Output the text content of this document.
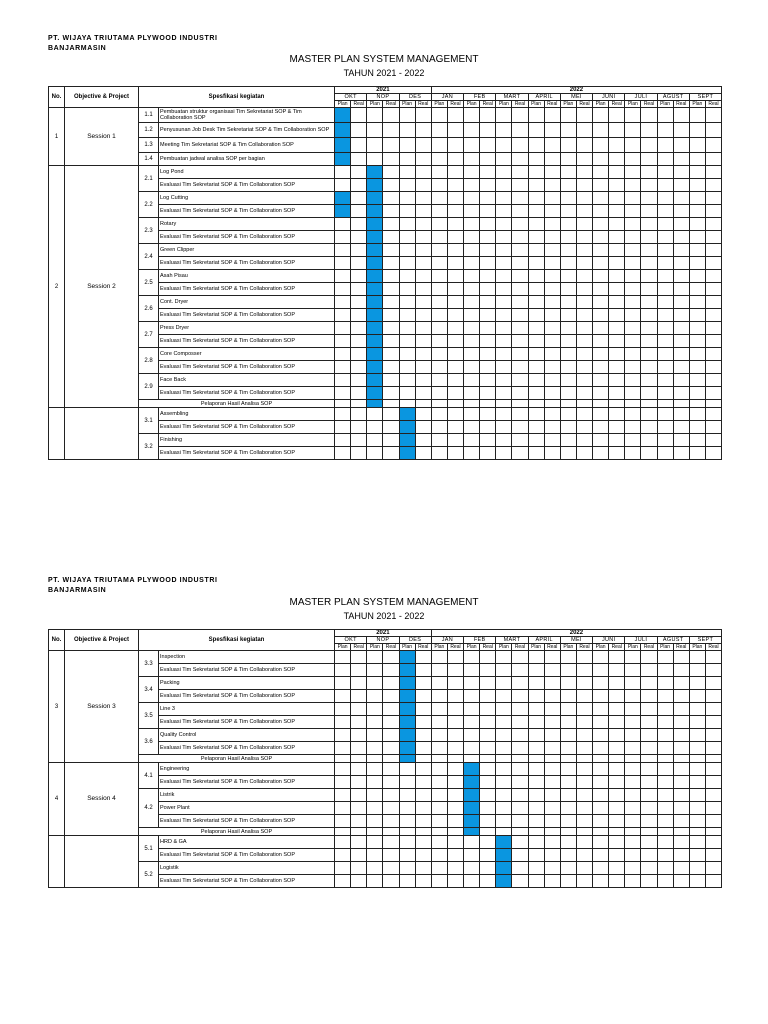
PT. WIJAYA TRIUTAMA PLYWOOD INDUSTRI
BANJARMASIN
MASTER PLAN SYSTEM MANAGEMENT
TAHUN 2021 - 2022
No.	Objective & Project	Spesfikasi kegiatan		2021						2022																	
				OKT		NOP		DES		JAN		FEB		MART		APRIL		MEI		JUNI		JULI		AGUST		SEPT	
				Plan	Real	Plan	Real	Plan	Real	Plan	Real	Plan	Real	Plan	Real	Plan	Real	Plan	Real	Plan	Real	Plan	Real	Plan	Real	Plan	Real
1	Session 1	1.1	Pembuatan struktur organisasi Tim Sekretariat SOP & Tim Collaboration SOP																								
		1.2	Penyusunan Job Desk Tim Sekretariat SOP & Tim Collaboration SOP																								
		1.3	Meeting Tim Sekretariat SOP & Tim Collaboration SOP																								
		1.4	Pembuatan jadwal analisa SOP per bagian																								
2	Session 2	2.1	Log Pond																								
			Evaluasi Tim Sekretariat SOP & Tim Collaboration SOP																								
		2.2	Log Cutting																								
			Evaluasi Tim Sekretariat SOP & Tim Collaboration SOP																								
		2.3	Rotary																								
			Evaluasi Tim Sekretariat SOP & Tim Collaboration SOP																								
		2.4	Green Clipper																								
			Evaluasi Tim Sekretariat SOP & Tim Collaboration SOP																								
		2.5	Asah Pisau																								
			Evaluasi Tim Sekretariat SOP & Tim Collaboration SOP																								
		2.6	Cont. Dryer																								
			Evaluasi Tim Sekretariat SOP & Tim Collaboration SOP																								
		2.7	Press Dryer																								
			Evaluasi Tim Sekretariat SOP & Tim Collaboration SOP																								
		2.8	Core Composser																								
			Evaluasi Tim Sekretariat SOP & Tim Collaboration SOP																								
		2.9	Face Back																								
			Evaluasi Tim Sekretariat SOP & Tim Collaboration SOP																								
		Pelaporan Hasil Analisa SOP																									
		3.1	Assembling																								
			Evaluasi Tim Sekretariat SOP & Tim Collaboration SOP																								
		3.2	Finishing																								
			Evaluasi Tim Sekretariat SOP & Tim Collaboration SOP																								
PT. WIJAYA TRIUTAMA PLYWOOD INDUSTRI
BANJARMASIN
MASTER PLAN SYSTEM MANAGEMENT
TAHUN 2021 - 2022
No.	Objective & Project	Spesfikasi kegiatan		2021						2022																	
				OKT		NOP		DES		JAN		FEB		MART		APRIL		MEI		JUNI		JULI		AGUST		SEPT	
				Plan	Real	Plan	Real	Plan	Real	Plan	Real	Plan	Real	Plan	Real	Plan	Real	Plan	Real	Plan	Real	Plan	Real	Plan	Real	Plan	Real
3	Session 3	3.3	Inspection																								
			Evaluasi Tim Sekretariat SOP & Tim Collaboration SOP																								
		3.4	Packing																								
			Evaluasi Tim Sekretariat SOP & Tim Collaboration SOP																								
		3.5	Line 3																								
			Evaluasi Tim Sekretariat SOP & Tim Collaboration SOP																								
		3.6	Quality Control																								
			Evaluasi Tim Sekretariat SOP & Tim Collaboration SOP																								
		Pelaporan Hasil Analisa SOP																									
4	Session 4	4.1	Engineering																								
			Evaluasi Tim Sekretariat SOP & Tim Collaboration SOP																								
		4.2	Listrik																								
			Power Plant																								
			Evaluasi Tim Sekretariat SOP & Tim Collaboration SOP																								
		Pelaporan Hasil Analisa SOP																									
		5.1	HRD & GA																								
			Evaluasi Tim Sekretariat SOP & Tim Collaboration SOP																								
		5.2	Logistik																								
			Evaluasi Tim Sekretariat SOP & Tim Collaboration SOP																								
